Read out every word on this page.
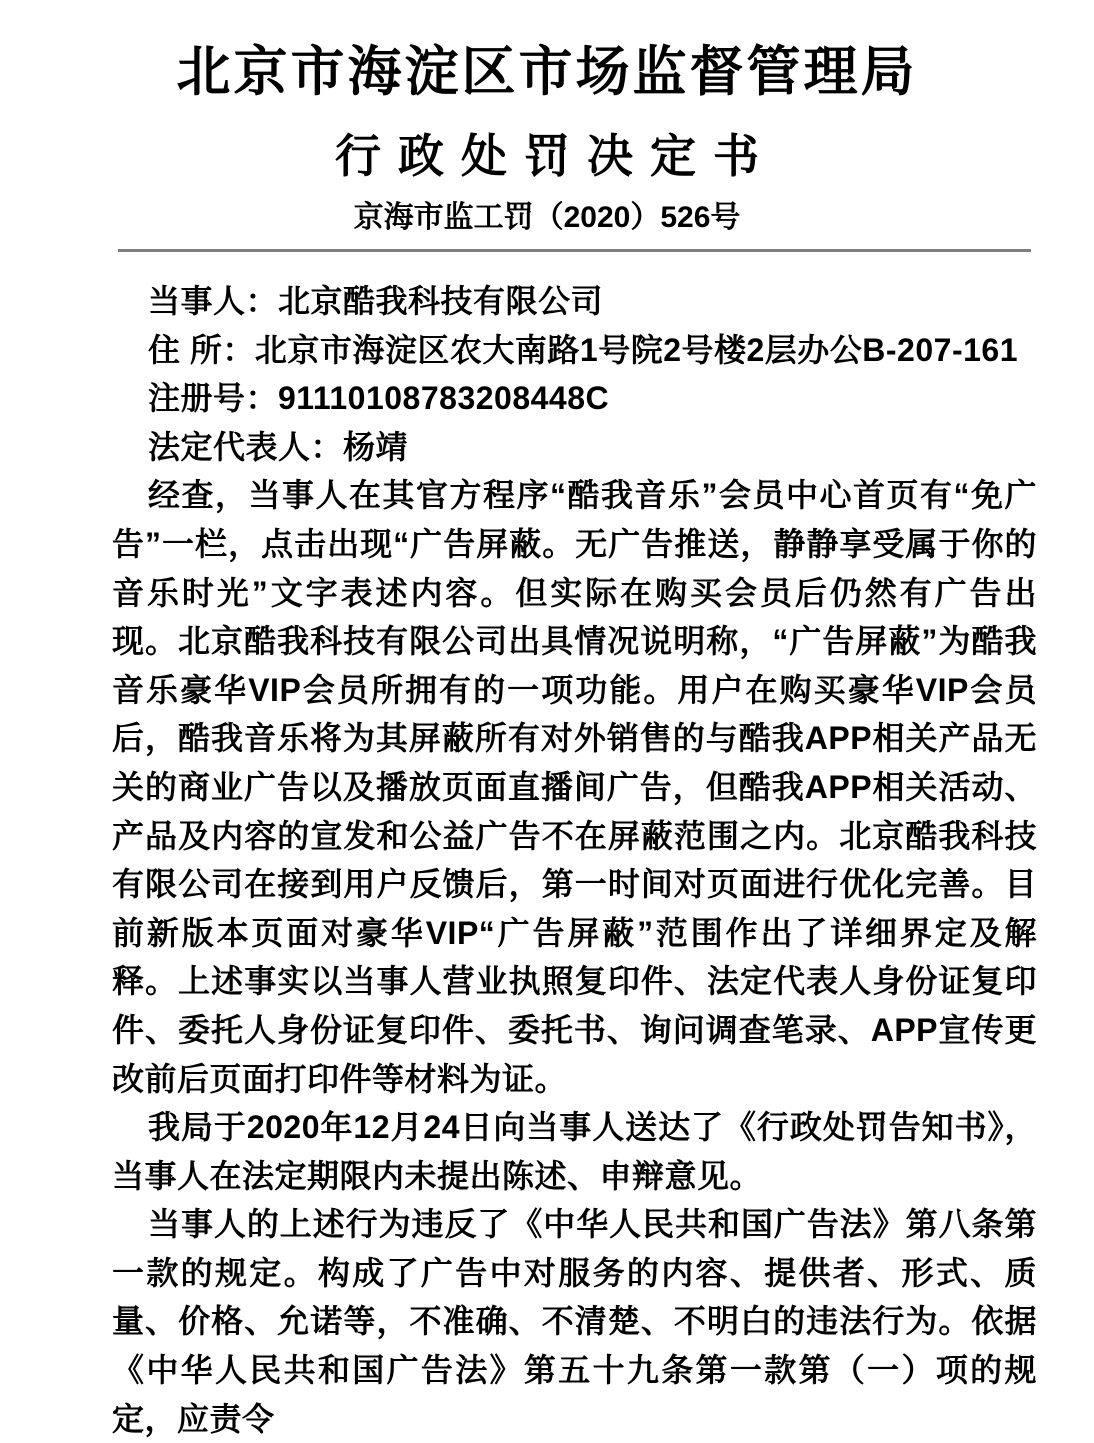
北京市海淀区市场监督管理局
行政处罚决定书
京海市监工罚（2020）526号

当事人：北京酷我科技有限公司

住 所：北京市海淀区农大南路1号院2号楼2层办公B-207-161

注册号：91110108783208448C

法定代表人：杨靖

经查，当事人在其官方程序“酷我音乐”会员中心首页有“免广告”一栏，点击出现“广告屏蔽。无广告推送，静静享受属于你的音乐时光”文字表述内容。但实际在购买会员后仍然有广告出现。北京酷我科技有限公司出具情况说明称，“广告屏蔽”为酷我音乐豪华VIP会员所拥有的一项功能。用户在购买豪华VIP会员后，酷我音乐将为其屏蔽所有对外销售的与酷我APP相关产品无关的商业广告以及播放页面直播间广告，但酷我APP相关活动、产品及内容的宣发和公益广告不在屏蔽范围之内。北京酷我科技有限公司在接到用户反馈后，第一时间对页面进行优化完善。目前新版本页面对豪华VIP“广告屏蔽”范围作出了详细界定及解释。上述事实以当事人营业执照复印件、法定代表人身份证复印件、委托人身份证复印件、委托书、询问调查笔录、APP宣传更改前后页面打印件等材料为证。

我局于2020年12月24日向当事人送达了《行政处罚告知书》，当事人在法定期限内未提出陈述、申辩意见。

当事人的上述行为违反了《中华人民共和国广告法》第八条第一款的规定。构成了广告中对服务的内容、提供者、形式、质量、价格、允诺等，不准确、不清楚、不明白的违法行为。依据《中华人民共和国广告法》第五十九条第一款第（一）项的规定，应责令
